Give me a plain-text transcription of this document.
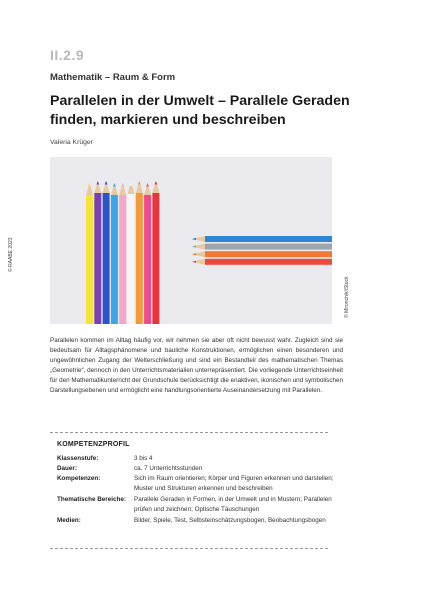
© RAABE 2023
II.2.9
Mathematik – Raum & Form
Parallelen in der Umwelt – Parallele Geraden finden, markieren und beschreiben
Valeria Krüger
© Mironchik/iStock
Parallelen kommen im Alltag häufig vor, wir nehmen sie aber oft nicht bewusst wahr. Zugleich sind sie bedeutsam für Alltagsphänomene und bauliche Konstruktionen, ermöglichen einen besonderen und ungewöhnlichen Zugang der Welterschließung und sind ein Bestandteil des mathematischen Themas „Geometrie“, dennoch in den Unterrichtsmaterialien unterrepräsentiert. Die vorliegende Unterrichtseinheit für den Mathematikunterricht der Grundschule berücksichtigt die enaktiven, ikonischen und symbolischen Darstellungsebenen und ermöglicht eine handlungsorientierte Auseinandersetzung mit Parallelen.
KOMPETENZPROFIL
Klassenstufe:	3 bis 4
Dauer:	ca. 7 Unterrichtsstunden
Kompetenzen:	Sich im Raum orientieren; Körper und Figuren erkennen und darstellen; Muster und Strukturen erkennen und beschreiben
Thematische Bereiche:	Parallele Geraden in Formen, in der Umwelt und in Mustern; Parallelen prüfen und zeichnen; Optische Täuschungen
Medien:	Bilder, Spiele, Test, Selbsteinschätzungsbogen, Beobachtungsbogen
